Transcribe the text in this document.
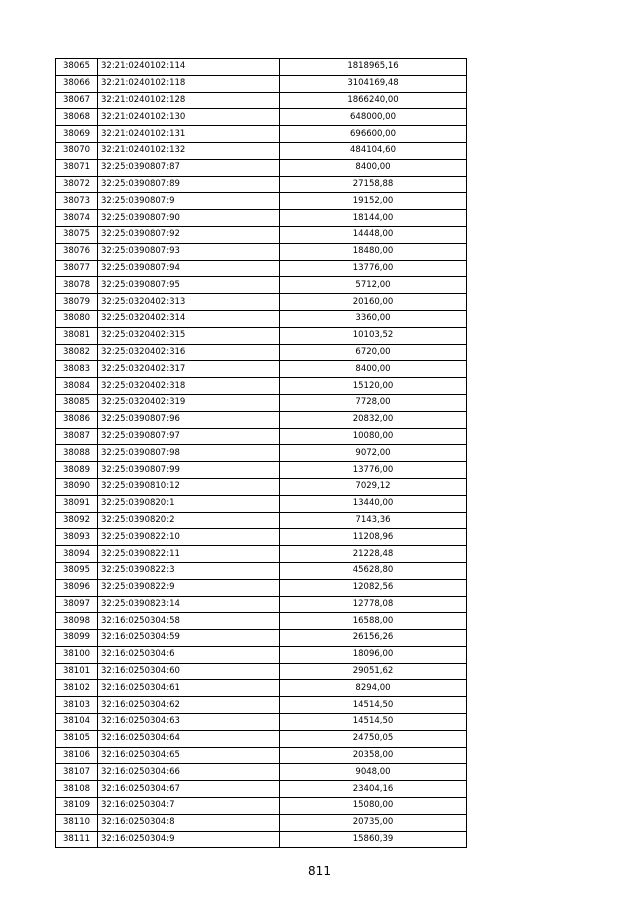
38065	32:21:0240102:114	1818965,16
38066	32:21:0240102:118	3104169,48
38067	32:21:0240102:128	1866240,00
38068	32:21:0240102:130	648000,00
38069	32:21:0240102:131	696600,00
38070	32:21:0240102:132	484104,60
38071	32:25:0390807:87	8400,00
38072	32:25:0390807:89	27158,88
38073	32:25:0390807:9	19152,00
38074	32:25:0390807:90	18144,00
38075	32:25:0390807:92	14448,00
38076	32:25:0390807:93	18480,00
38077	32:25:0390807:94	13776,00
38078	32:25:0390807:95	5712,00
38079	32:25:0320402:313	20160,00
38080	32:25:0320402:314	3360,00
38081	32:25:0320402:315	10103,52
38082	32:25:0320402:316	6720,00
38083	32:25:0320402:317	8400,00
38084	32:25:0320402:318	15120,00
38085	32:25:0320402:319	7728,00
38086	32:25:0390807:96	20832,00
38087	32:25:0390807:97	10080,00
38088	32:25:0390807:98	9072,00
38089	32:25:0390807:99	13776,00
38090	32:25:0390810:12	7029,12
38091	32:25:0390820:1	13440,00
38092	32:25:0390820:2	7143,36
38093	32:25:0390822:10	11208,96
38094	32:25:0390822:11	21228,48
38095	32:25:0390822:3	45628,80
38096	32:25:0390822:9	12082,56
38097	32:25:0390823:14	12778,08
38098	32:16:0250304:58	16588,00
38099	32:16:0250304:59	26156,26
38100	32:16:0250304:6	18096,00
38101	32:16:0250304:60	29051,62
38102	32:16:0250304:61	8294,00
38103	32:16:0250304:62	14514,50
38104	32:16:0250304:63	14514,50
38105	32:16:0250304:64	24750,05
38106	32:16:0250304:65	20358,00
38107	32:16:0250304:66	9048,00
38108	32:16:0250304:67	23404,16
38109	32:16:0250304:7	15080,00
38110	32:16:0250304:8	20735,00
38111	32:16:0250304:9	15860,39
811
